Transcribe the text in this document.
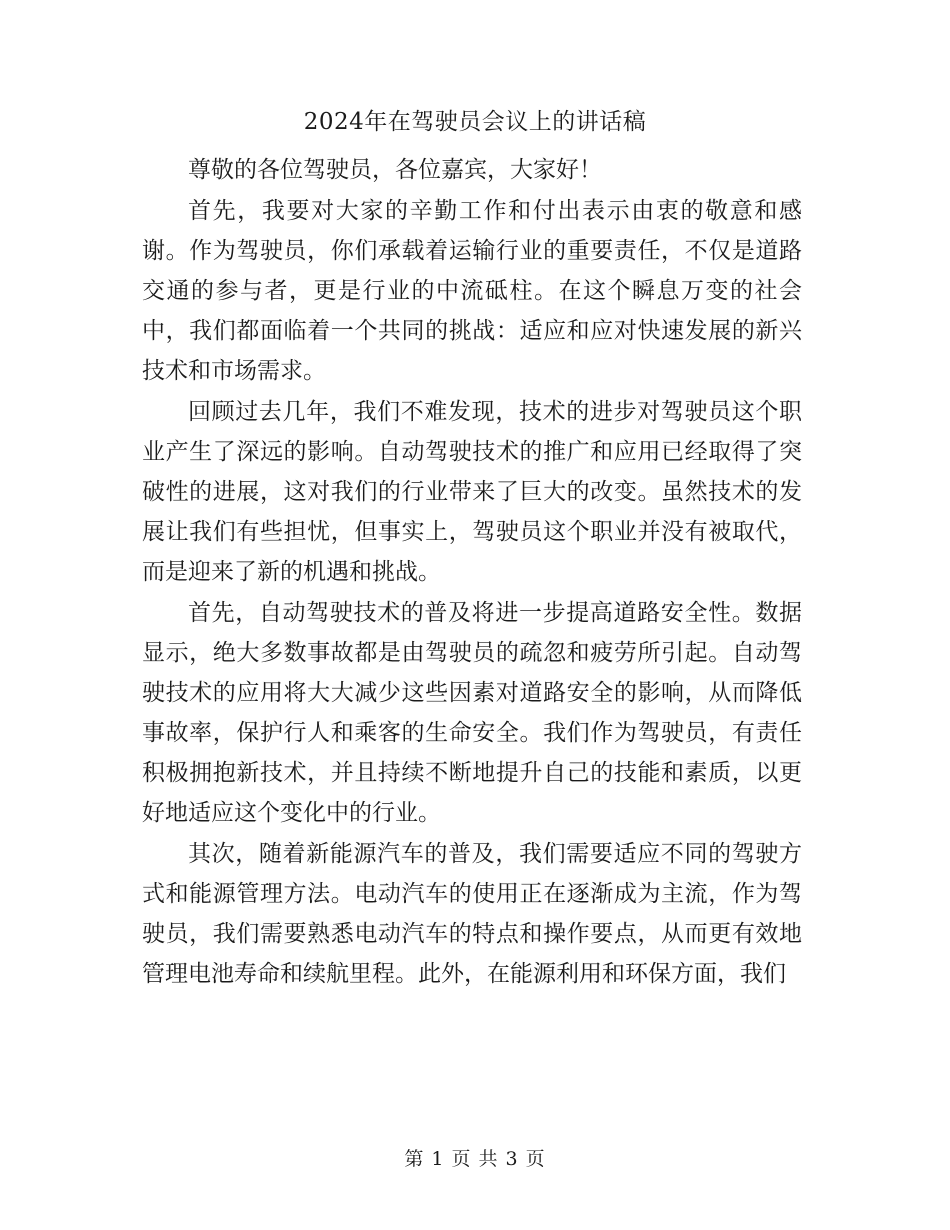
2024年在驾驶员会议上的讲话稿

尊敬的各位驾驶员，各位嘉宾，大家好！

首先，我要对大家的辛勤工作和付出表示由衷的敬意和感谢。作为驾驶员，你们承载着运输行业的重要责任，不仅是道路交通的参与者，更是行业的中流砥柱。在这个瞬息万变的社会中，我们都面临着一个共同的挑战：适应和应对快速发展的新兴技术和市场需求。

回顾过去几年，我们不难发现，技术的进步对驾驶员这个职业产生了深远的影响。自动驾驶技术的推广和应用已经取得了突破性的进展，这对我们的行业带来了巨大的改变。虽然技术的发展让我们有些担忧，但事实上，驾驶员这个职业并没有被取代，而是迎来了新的机遇和挑战。

首先，自动驾驶技术的普及将进一步提高道路安全性。数据显示，绝大多数事故都是由驾驶员的疏忽和疲劳所引起。自动驾驶技术的应用将大大减少这些因素对道路安全的影响，从而降低事故率，保护行人和乘客的生命安全。我们作为驾驶员，有责任积极拥抱新技术，并且持续不断地提升自己的技能和素质，以更好地适应这个变化中的行业。

其次，随着新能源汽车的普及，我们需要适应不同的驾驶方式和能源管理方法。电动汽车的使用正在逐渐成为主流，作为驾驶员，我们需要熟悉电动汽车的特点和操作要点，从而更有效地管理电池寿命和续航里程。此外，在能源利用和环保方面，我们

第 1 页 共 3 页
